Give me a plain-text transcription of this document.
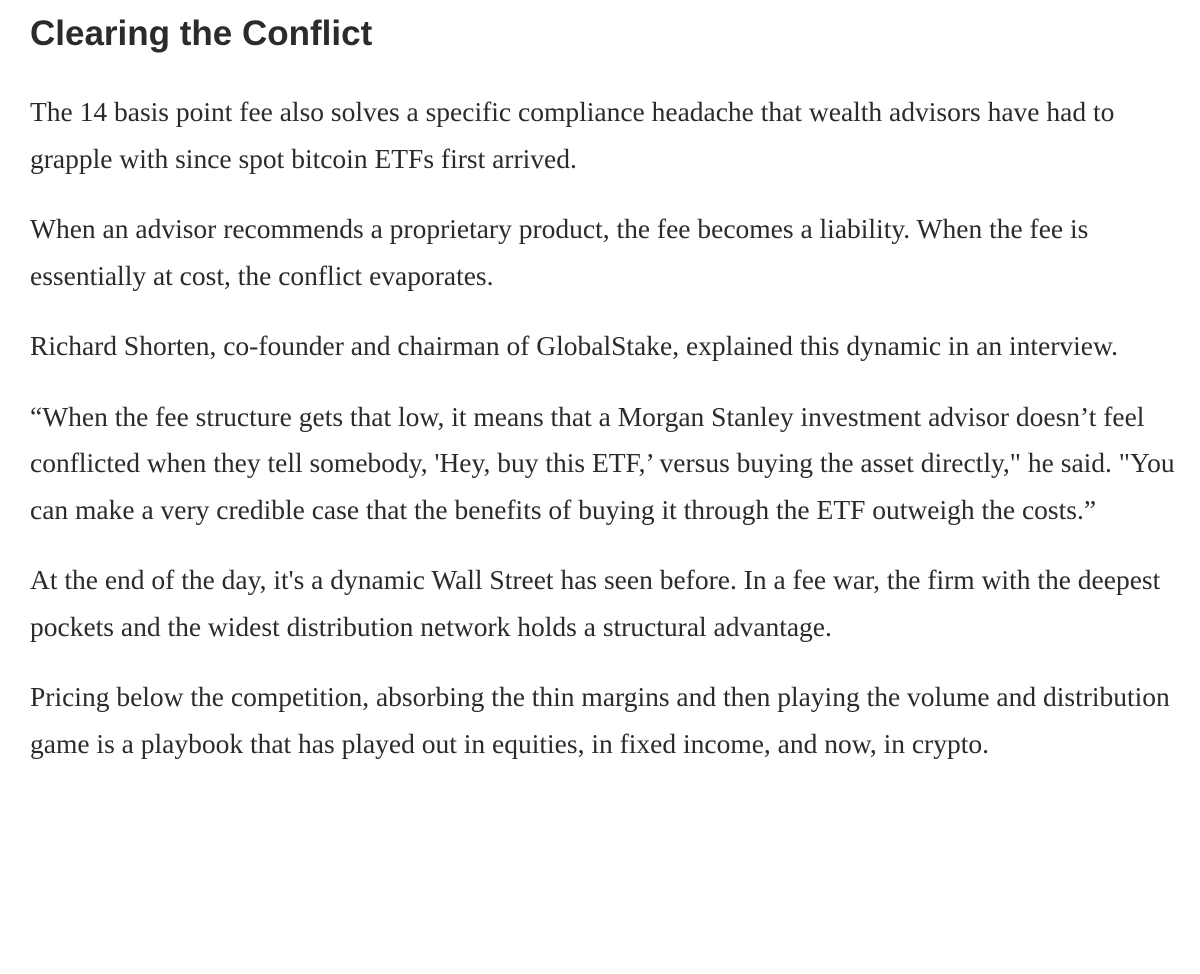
Clearing the Conflict

The 14 basis point fee also solves a specific compliance headache that wealth advisors have had to grapple with since spot bitcoin ETFs first arrived.

When an advisor recommends a proprietary product, the fee becomes a liability. When the fee is essentially at cost, the conflict evaporates.

Richard Shorten, co-founder and chairman of GlobalStake, explained this dynamic in an interview.

“When the fee structure gets that low, it means that a Morgan Stanley investment advisor doesn’t feel conflicted when they tell somebody, 'Hey, buy this ETF,’ versus buying the asset directly," he said. "You can make a very credible case that the benefits of buying it through the ETF outweigh the costs.”

At the end of the day, it's a dynamic Wall Street has seen before. In a fee war, the firm with the deepest pockets and the widest distribution network holds a structural advantage.

Pricing below the competition, absorbing the thin margins and then playing the volume and distribution game is a playbook that has played out in equities, in fixed income, and now, in crypto.
